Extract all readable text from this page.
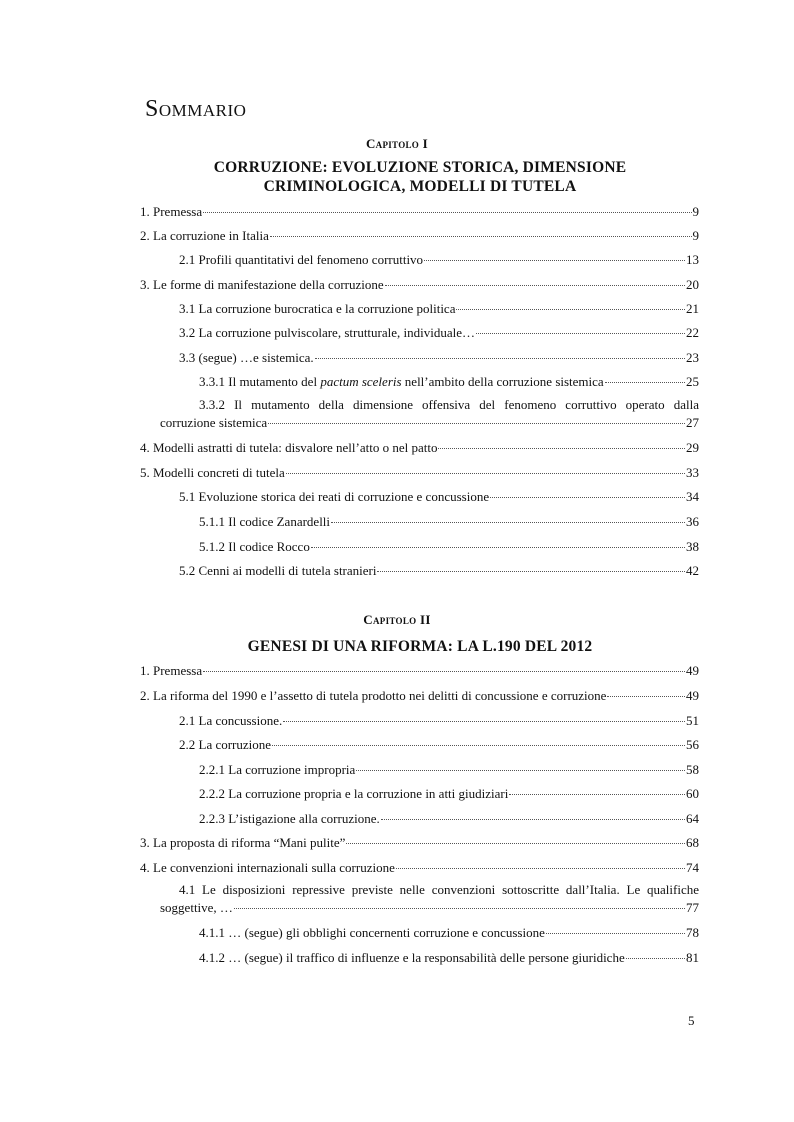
Sommario
Capitolo I
CORRUZIONE: EVOLUZIONE STORICA, DIMENSIONE CRIMINOLOGICA, MODELLI DI TUTELA
1. Premessa	9
2. La corruzione in Italia	9
2.1 Profili quantitativi del fenomeno corruttivo	13
3. Le forme di manifestazione della corruzione	20
3.1 La corruzione burocratica e la corruzione politica	21
3.2 La corruzione pulviscolare, strutturale, individuale…	22
3.3 (segue) …e sistemica.	23
3.3.1 Il mutamento del pactum sceleris nell’ambito della corruzione sistemica	25
3.3.2 Il mutamento della dimensione offensiva del fenomeno corruttivo operato dalla
corruzione sistemica	27
4. Modelli astratti di tutela: disvalore nell’atto o nel patto	29
5. Modelli concreti di tutela	33
5.1 Evoluzione storica dei reati di corruzione e concussione	34
5.1.1 Il codice Zanardelli	36
5.1.2 Il codice Rocco	38
5.2 Cenni ai modelli di tutela stranieri	42
Capitolo II
GENESI DI UNA RIFORMA: LA L.190 DEL 2012
1. Premessa	49
2. La riforma del 1990 e l’assetto di tutela prodotto nei delitti di concussione e corruzione	49
2.1 La concussione.	51
2.2 La corruzione	56
2.2.1 La corruzione impropria	58
2.2.2 La corruzione propria e la corruzione in atti giudiziari	60
2.2.3 L’istigazione alla corruzione.	64
3. La proposta di riforma “Mani pulite”	68
4. Le convenzioni internazionali sulla corruzione	74
4.1 Le disposizioni repressive previste nelle convenzioni sottoscritte dall’Italia. Le qualifiche
soggettive, …	77
4.1.1 … (segue) gli obblighi concernenti corruzione e concussione	78
4.1.2 … (segue) il traffico di influenze e la responsabilità delle persone giuridiche	81
5
